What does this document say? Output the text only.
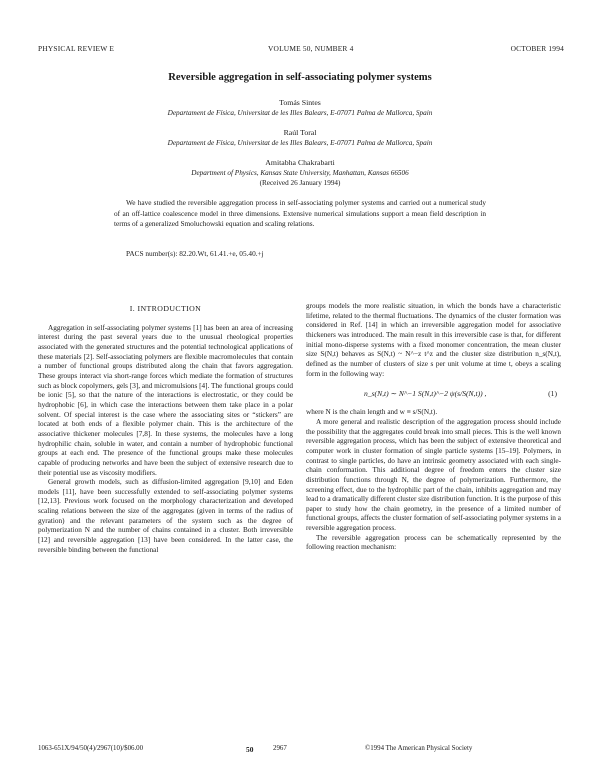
PHYSICAL REVIEW E	VOLUME 50, NUMBER 4	OCTOBER 1994
Reversible aggregation in self-associating polymer systems
Tomás Sintes
Departament de Física, Universitat de les Illes Balears, E-07071 Palma de Mallorca, Spain
Raúl Toral
Departament de Física, Universitat de les Illes Balears, E-07071 Palma de Mallorca, Spain
Amitabha Chakrabarti
Department of Physics, Kansas State University, Manhattan, Kansas 66506
(Received 26 January 1994)

We have studied the reversible aggregation process in self-associating polymer systems and carried out a numerical study of an off-lattice coalescence model in three dimensions. Extensive numerical simulations support a mean field description in terms of a generalized Smoluchowski equation and scaling relations.

PACS number(s): 82.20.Wt, 61.41.+e, 05.40.+j
I. INTRODUCTION

Aggregation in self-associating polymer systems [1] has been an area of increasing interest during the past several years due to the unusual rheological properties associated with the generated structures and the potential technological applications of these materials [2]. Self-associating polymers are flexible macromolecules that contain a number of functional groups distributed along the chain that favors aggregation. These groups interact via short-range forces which mediate the formation of structures such as block copolymers, gels [3], and micromulsions [4]. The functional groups could be ionic [5], so that the nature of the interactions is electrostatic, or they could be hydrophobic [6], in which case the interactions between them take place in a polar solvent. Of special interest is the case where the associating sites or “stickers” are located at both ends of a flexible polymer chain. This is the architecture of the associative thickener molecules [7,8]. In these systems, the molecules have a long hydrophilic chain, soluble in water, and contain a number of hydrophobic functional groups at each end. The presence of the functional groups make these molecules capable of producing networks and have been the subject of extensive research due to their potential use as viscosity modifiers.

General growth models, such as diffusion-limited aggregation [9,10] and Eden models [11], have been successfully extended to self-associating polymer systems [12,13]. Previous work focused on the morphology characterization and developed scaling relations between the size of the aggregates (given in terms of the radius of gyration) and the relevant parameters of the system such as the degree of polymerization N and the number of chains contained in a cluster. Both irreversible [12] and reversible aggregation [13] have been considered. In the latter case, the reversible binding between the functional

groups models the more realistic situation, in which the bonds have a characteristic lifetime, related to the thermal fluctuations. The dynamics of the cluster formation was considered in Ref. [14] in which an irreversible aggregation model for associative thickeners was introduced. The main result in this irreversible case is that, for different initial mono-disperse systems with a fixed monomer concentration, the mean cluster size S(N,t) behaves as S(N,t) ~ N^−z t^z and the cluster size distribution n_s(N,t), defined as the number of clusters of size s per unit volume at time t, obeys a scaling form in the following way:

n_s(N,t) ∼ N^−1 S(N,t)^−2 ψ(s/S(N,t)) ,	(1)

where N is the chain length and w ≡ s/S(N,t).

A more general and realistic description of the aggregation process should include the possibility that the aggregates could break into small pieces. This is the well known reversible aggregation process, which has been the subject of extensive theoretical and computer work in cluster formation of single particle systems [15–19]. Polymers, in contrast to single particles, do have an intrinsic geometry associated with each single-chain conformation. This additional degree of freedom enters the cluster size distribution functions through N, the degree of polymerization. Furthermore, the screening effect, due to the hydrophilic part of the chain, inhibits aggregation and may lead to a dramatically different cluster size distribution function. It is the purpose of this paper to study how the chain geometry, in the presence of a limited number of functional groups, affects the cluster formation of self-associating polymer systems in a reversible aggregation process.

The reversible aggregation process can be schematically represented by the following reaction mechanism:

1063-651X/94/50(4)/2967(10)/$06.00	50	2967	©1994 The American Physical Society
